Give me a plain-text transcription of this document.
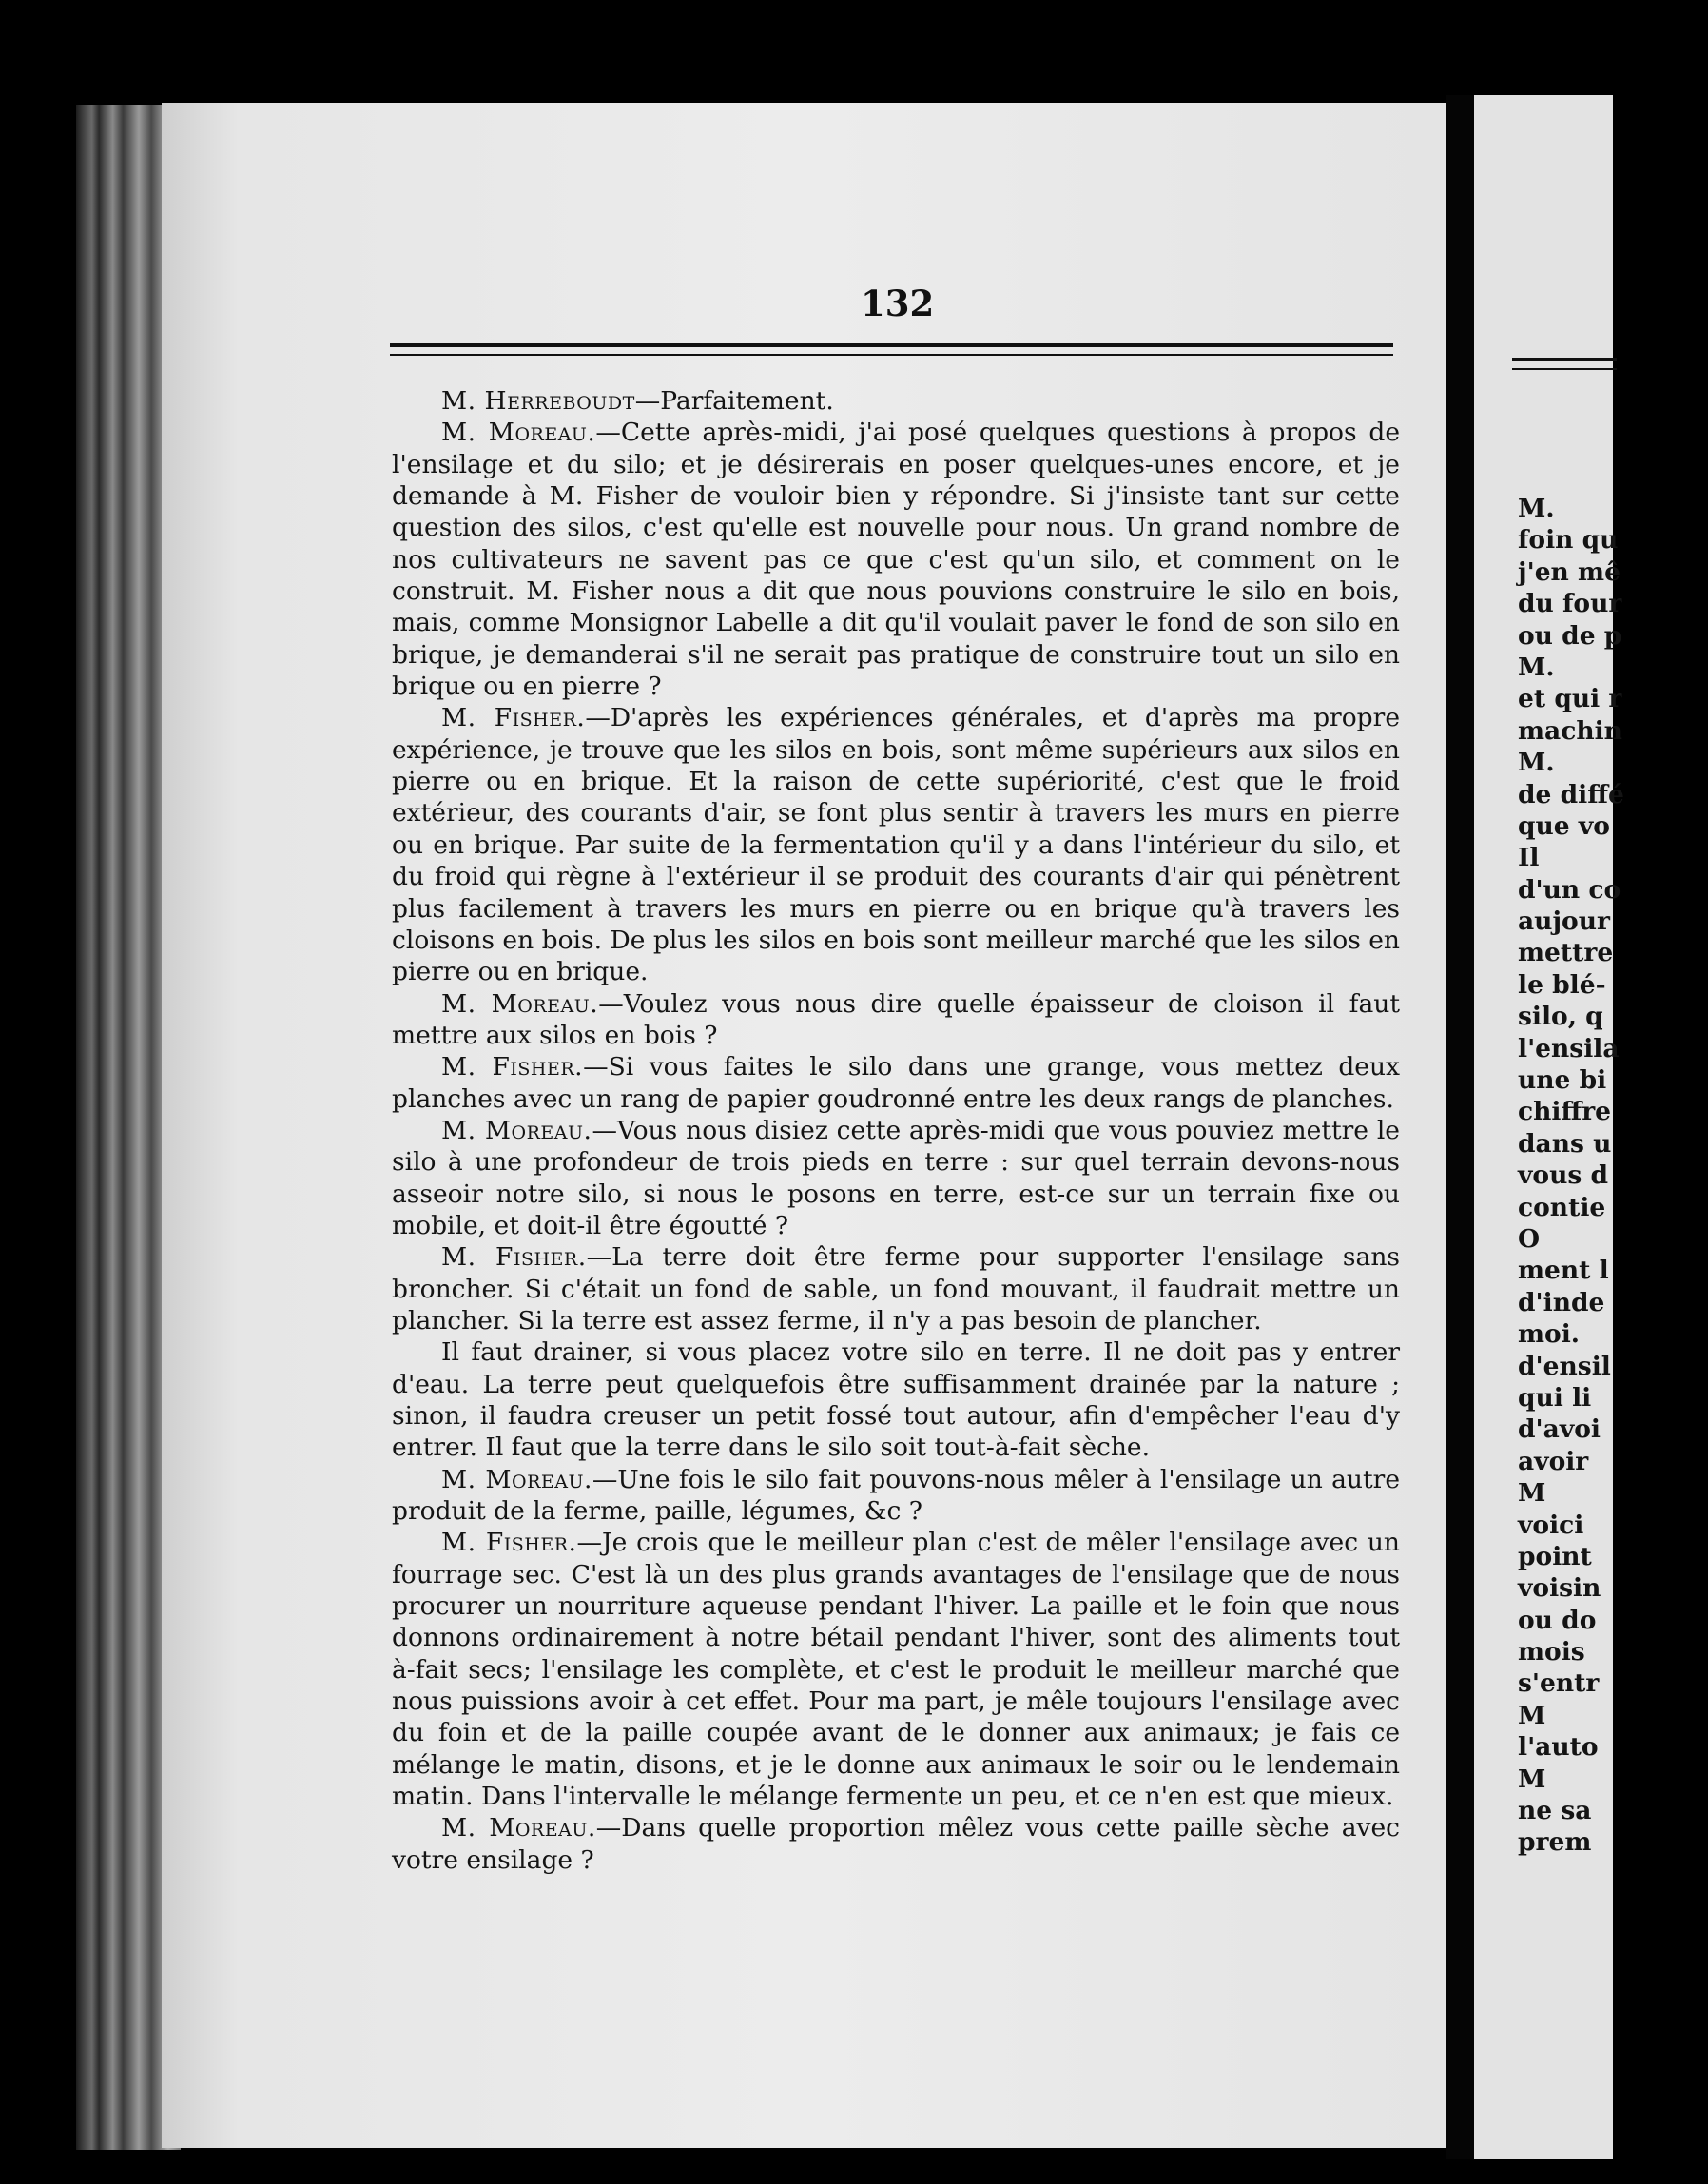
132

M. Herreboudt—Parfaitement.

M. Moreau.—Cette après-midi, j'ai posé quelques questions à propos de l'ensilage et du silo; et je désirerais en poser quelques-unes encore, et je demande à M. Fisher de vouloir bien y répondre. Si j'insiste tant sur cette question des silos, c'est qu'elle est nouvelle pour nous. Un grand nombre de nos cultivateurs ne savent pas ce que c'est qu'un silo, et comment on le construit. M. Fisher nous a dit que nous pouvions construire le silo en bois, mais, comme Monsignor Labelle a dit qu'il voulait paver le fond de son silo en brique, je demanderai s'il ne serait pas pratique de construire tout un silo en brique ou en pierre ?

M. Fisher.—D'après les expériences générales, et d'après ma propre expérience, je trouve que les silos en bois, sont même supérieurs aux silos en pierre ou en brique. Et la raison de cette supériorité, c'est que le froid extérieur, des courants d'air, se font plus sentir à travers les murs en pierre ou en brique. Par suite de la fermentation qu'il y a dans l'intérieur du silo, et du froid qui règne à l'extérieur il se produit des courants d'air qui pénètrent plus facilement à travers les murs en pierre ou en brique qu'à travers les cloisons en bois. De plus les silos en bois sont meilleur marché que les silos en pierre ou en brique.

M. Moreau.—Voulez vous nous dire quelle épaisseur de cloison il faut mettre aux silos en bois ?

M. Fisher.—Si vous faites le silo dans une grange, vous mettez deux planches avec un rang de papier goudronné entre les deux rangs de planches.

M. Moreau.—Vous nous disiez cette après-midi que vous pouviez mettre le silo à une profondeur de trois pieds en terre : sur quel terrain devons-nous asseoir notre silo, si nous le posons en terre, est-ce sur un terrain fixe ou mobile, et doit-il être égoutté ?

M. Fisher.—La terre doit être ferme pour supporter l'ensilage sans broncher. Si c'était un fond de sable, un fond mouvant, il faudrait mettre un plancher. Si la terre est assez ferme, il n'y a pas besoin de plancher.

Il faut drainer, si vous placez votre silo en terre. Il ne doit pas y entrer d'eau. La terre peut quelquefois être suffisamment drainée par la nature ; sinon, il faudra creuser un petit fossé tout autour, afin d'empêcher l'eau d'y entrer. Il faut que la terre dans le silo soit tout-à-fait sèche.

M. Moreau.—Une fois le silo fait pouvons-nous mêler à l'ensilage un autre produit de la ferme, paille, légumes, &c ?

M. Fisher.—Je crois que le meilleur plan c'est de mêler l'ensilage avec un fourrage sec. C'est là un des plus grands avantages de l'ensilage que de nous procurer un nourriture aqueuse pendant l'hiver. La paille et le foin que nous donnons ordinairement à notre bétail pendant l'hiver, sont des aliments tout à-fait secs; l'ensilage les complète, et c'est le produit le meilleur marché que nous puissions avoir à cet effet. Pour ma part, je mêle toujours l'ensilage avec du foin et de la paille coupée avant de le donner aux animaux; je fais ce mélange le matin, disons, et je le donne aux animaux le soir ou le lendemain matin. Dans l'intervalle le mélange fermente un peu, et ce n'en est que mieux.

M. Moreau.—Dans quelle proportion mêlez vous cette paille sèche avec votre ensilage ?

M.
foin qu
j'en mê
du four
ou de p
M.
et qui r
machin
M.
de diffé
que vo
Il
d'un co
aujour
mettre
le blé-
silo, q
l'ensila
une bi
chiffre
dans u
vous d
contie
O
ment l
d'inde
moi.
d'ensil
qui li
d'avoi
avoir
M
voici
point
voisin
ou do
mois
s'entr
M
l'auto
M
ne sa
prem
